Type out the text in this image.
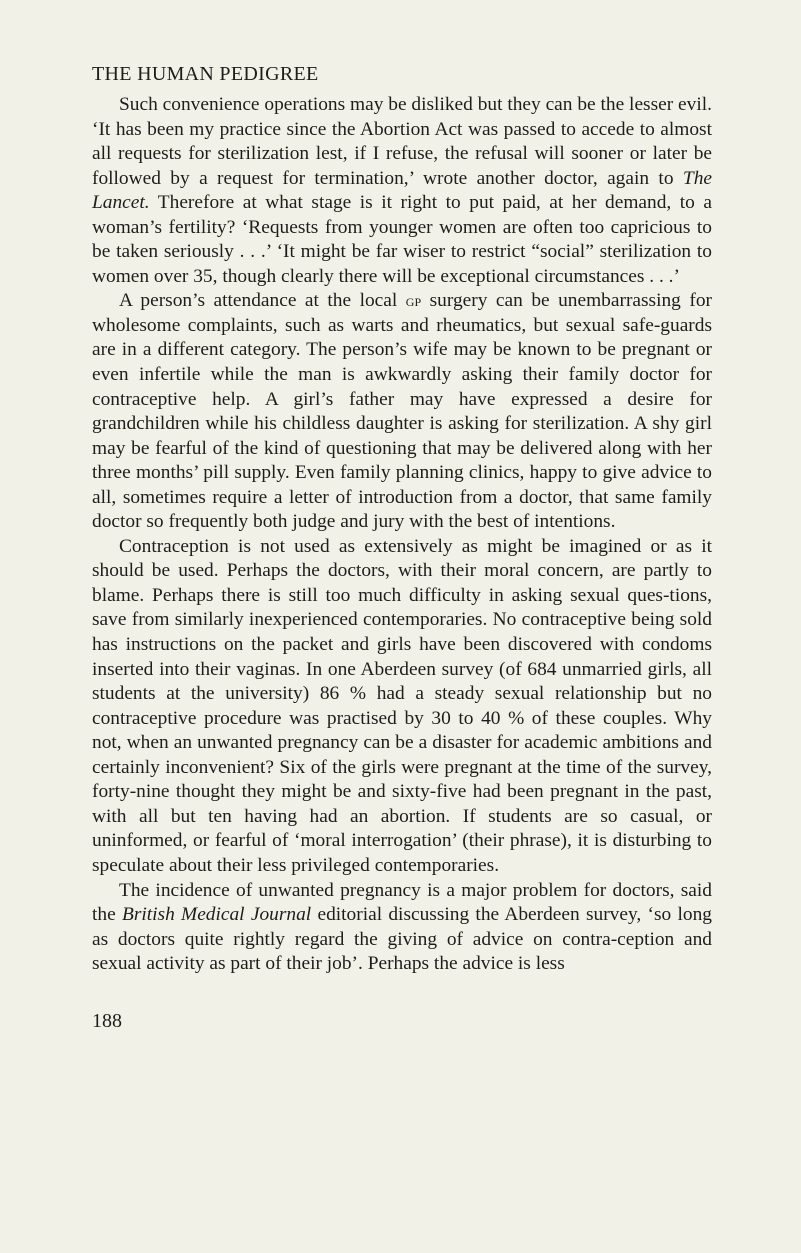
THE HUMAN PEDIGREE

Such convenience operations may be disliked but they can be the lesser evil. ‘It has been my practice since the Abortion Act was passed to accede to almost all requests for sterilization lest, if I refuse, the refusal will sooner or later be followed by a request for termination,’ wrote another doctor, again to The Lancet. Therefore at what stage is it right to put paid, at her demand, to a woman’s fertility? ‘Requests from younger women are often too capricious to be taken seriously . . .’ ‘It might be far wiser to restrict “social” sterilization to women over 35, though clearly there will be exceptional circumstances . . .’

A person’s attendance at the local gp surgery can be unembarrassing for wholesome complaints, such as warts and rheumatics, but sexual safe-guards are in a different category. The person’s wife may be known to be pregnant or even infertile while the man is awkwardly asking their family doctor for contraceptive help. A girl’s father may have expressed a desire for grandchildren while his childless daughter is asking for sterilization. A shy girl may be fearful of the kind of questioning that may be delivered along with her three months’ pill supply. Even family planning clinics, happy to give advice to all, sometimes require a letter of introduction from a doctor, that same family doctor so frequently both judge and jury with the best of intentions.

Contraception is not used as extensively as might be imagined or as it should be used. Perhaps the doctors, with their moral concern, are partly to blame. Perhaps there is still too much difficulty in asking sexual ques-tions, save from similarly inexperienced contemporaries. No contraceptive being sold has instructions on the packet and girls have been discovered with condoms inserted into their vaginas. In one Aberdeen survey (of 684 unmarried girls, all students at the university) 86 % had a steady sexual relationship but no contraceptive procedure was practised by 30 to 40 % of these couples. Why not, when an unwanted pregnancy can be a disaster for academic ambitions and certainly inconvenient? Six of the girls were pregnant at the time of the survey, forty-nine thought they might be and sixty-five had been pregnant in the past, with all but ten having had an abortion. If students are so casual, or uninformed, or fearful of ‘moral interrogation’ (their phrase), it is disturbing to speculate about their less privileged contemporaries.

The incidence of unwanted pregnancy is a major problem for doctors, said the British Medical Journal editorial discussing the Aberdeen survey, ‘so long as doctors quite rightly regard the giving of advice on contra-ception and sexual activity as part of their job’. Perhaps the advice is less

188
